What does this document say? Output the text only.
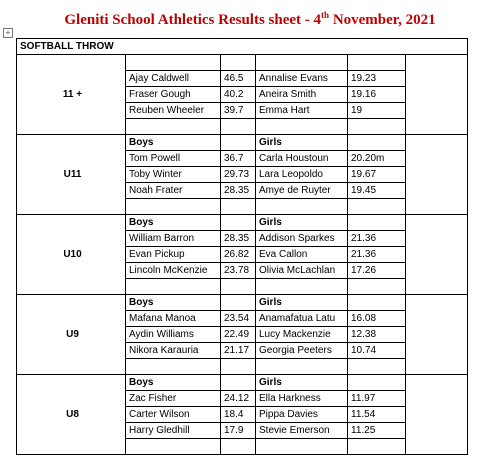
Gleniti School Athletics Results sheet - 4th November, 2021
+
SOFTBALL THROW					
11 +					
	Ajay Caldwell	46.5	Annalise Evans	19.23	
	Fraser Gough	40.2	Aneira Smith	19.16	
	Reuben Wheeler	39.7	Emma Hart	19	

U11	Boys		Girls		
	Tom Powell	36.7	Carla Houstoun	20.20m	
	Toby Winter	29.73	Lara Leopoldo	19.67	
	Noah Frater	28.35	Amye de Ruyter	19.45	

U10	Boys		Girls		
	William Barron	28.35	Addison Sparkes	21.36	
	Evan Pickup	26.82	Eva Callon	21.36	
	Lincoln McKenzie	23.78	Olivia McLachlan	17.26	

U9	Boys		Girls		
	Mafana Manoa	23.54	Anamafatua Latu	16.08	
	Aydin Williams	22.49	Lucy Mackenzie	12.38	
	Nikora Karauria	21.17	Georgia Peeters	10.74	

U8	Boys		Girls		
	Zac Fisher	24.12	Ella Harkness	11.97	
	Carter Wilson	18.4	Pippa Davies	11.54	
	Harry Gledhill	17.9	Stevie Emerson	11.25	
